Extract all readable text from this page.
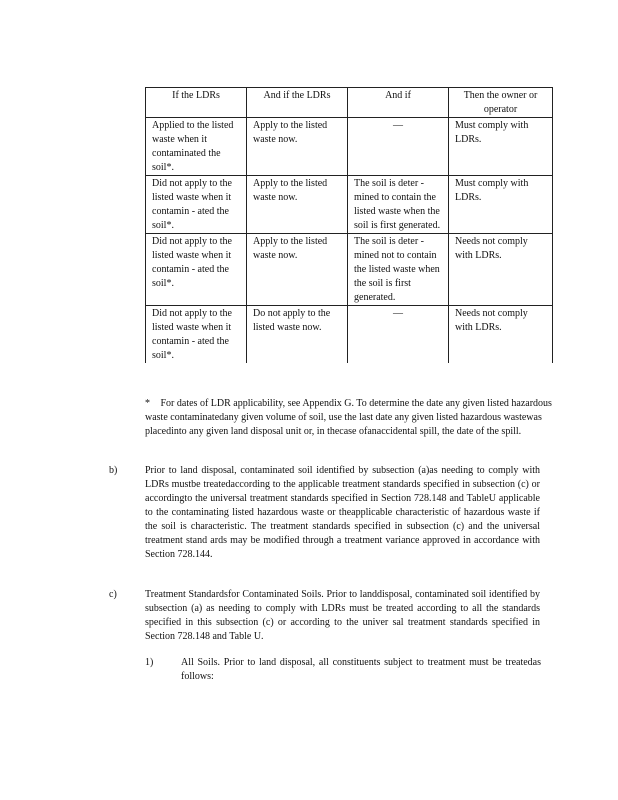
If the LDRs	And if the LDRs	And if	Then the owner or operator
Applied to the listed waste when it contaminated the soil*.	Apply to the listed waste now.	—	Must comply with LDRs.
Did not apply to the listed waste when it contamin - ated the soil*.	Apply to the listed waste now.	The soil is deter - mined to contain the listed waste when the soil is first generated.	Must comply with LDRs.
Did not apply to the listed waste when it contamin - ated the soil*.	Apply to the listed waste now.	The soil is deter - mined not to contain the listed waste when the soil is first generated.	Needs not comply with LDRs.
Did not apply to the listed waste when it contamin - ated the soil*.	Do not apply to the listed waste now.	—	Needs not comply with LDRs.
* For dates of LDR applicability, see Appendix G. To determine the date any given listed hazardous waste contaminatedany given volume of soil, use the last date any given listed hazardous wastewas placedinto any given land disposal unit or, in thecase ofanaccidental spill, the date of the spill.
b)	Prior to land disposal, contaminated soil identified by subsection (a)as needing to comply with LDRs mustbe treatedaccording to the applicable treatment standards specified in subsection (c) or accordingto the universal treatment standards specified in Section 728.148 and TableU applicable to the contaminating listed hazardous waste or theapplicable characteristic of hazardous waste if the soil is characteristic. The treatment standards specified in subsection (c) and the universal treatment stand ards may be modified through a treatment variance approved in accordance with Section 728.144.
c)	Treatment Standardsfor Contaminated Soils. Prior to landdisposal, contaminated soil identified by subsection (a) as needing to comply with LDRs must be treated according to all the standards specified in this subsection (c) or according to the univer sal treatment standards specified in Section 728.148 and Table U.
1)	All Soils. Prior to land disposal, all constituents subject to treatment must be treatedas follows:
